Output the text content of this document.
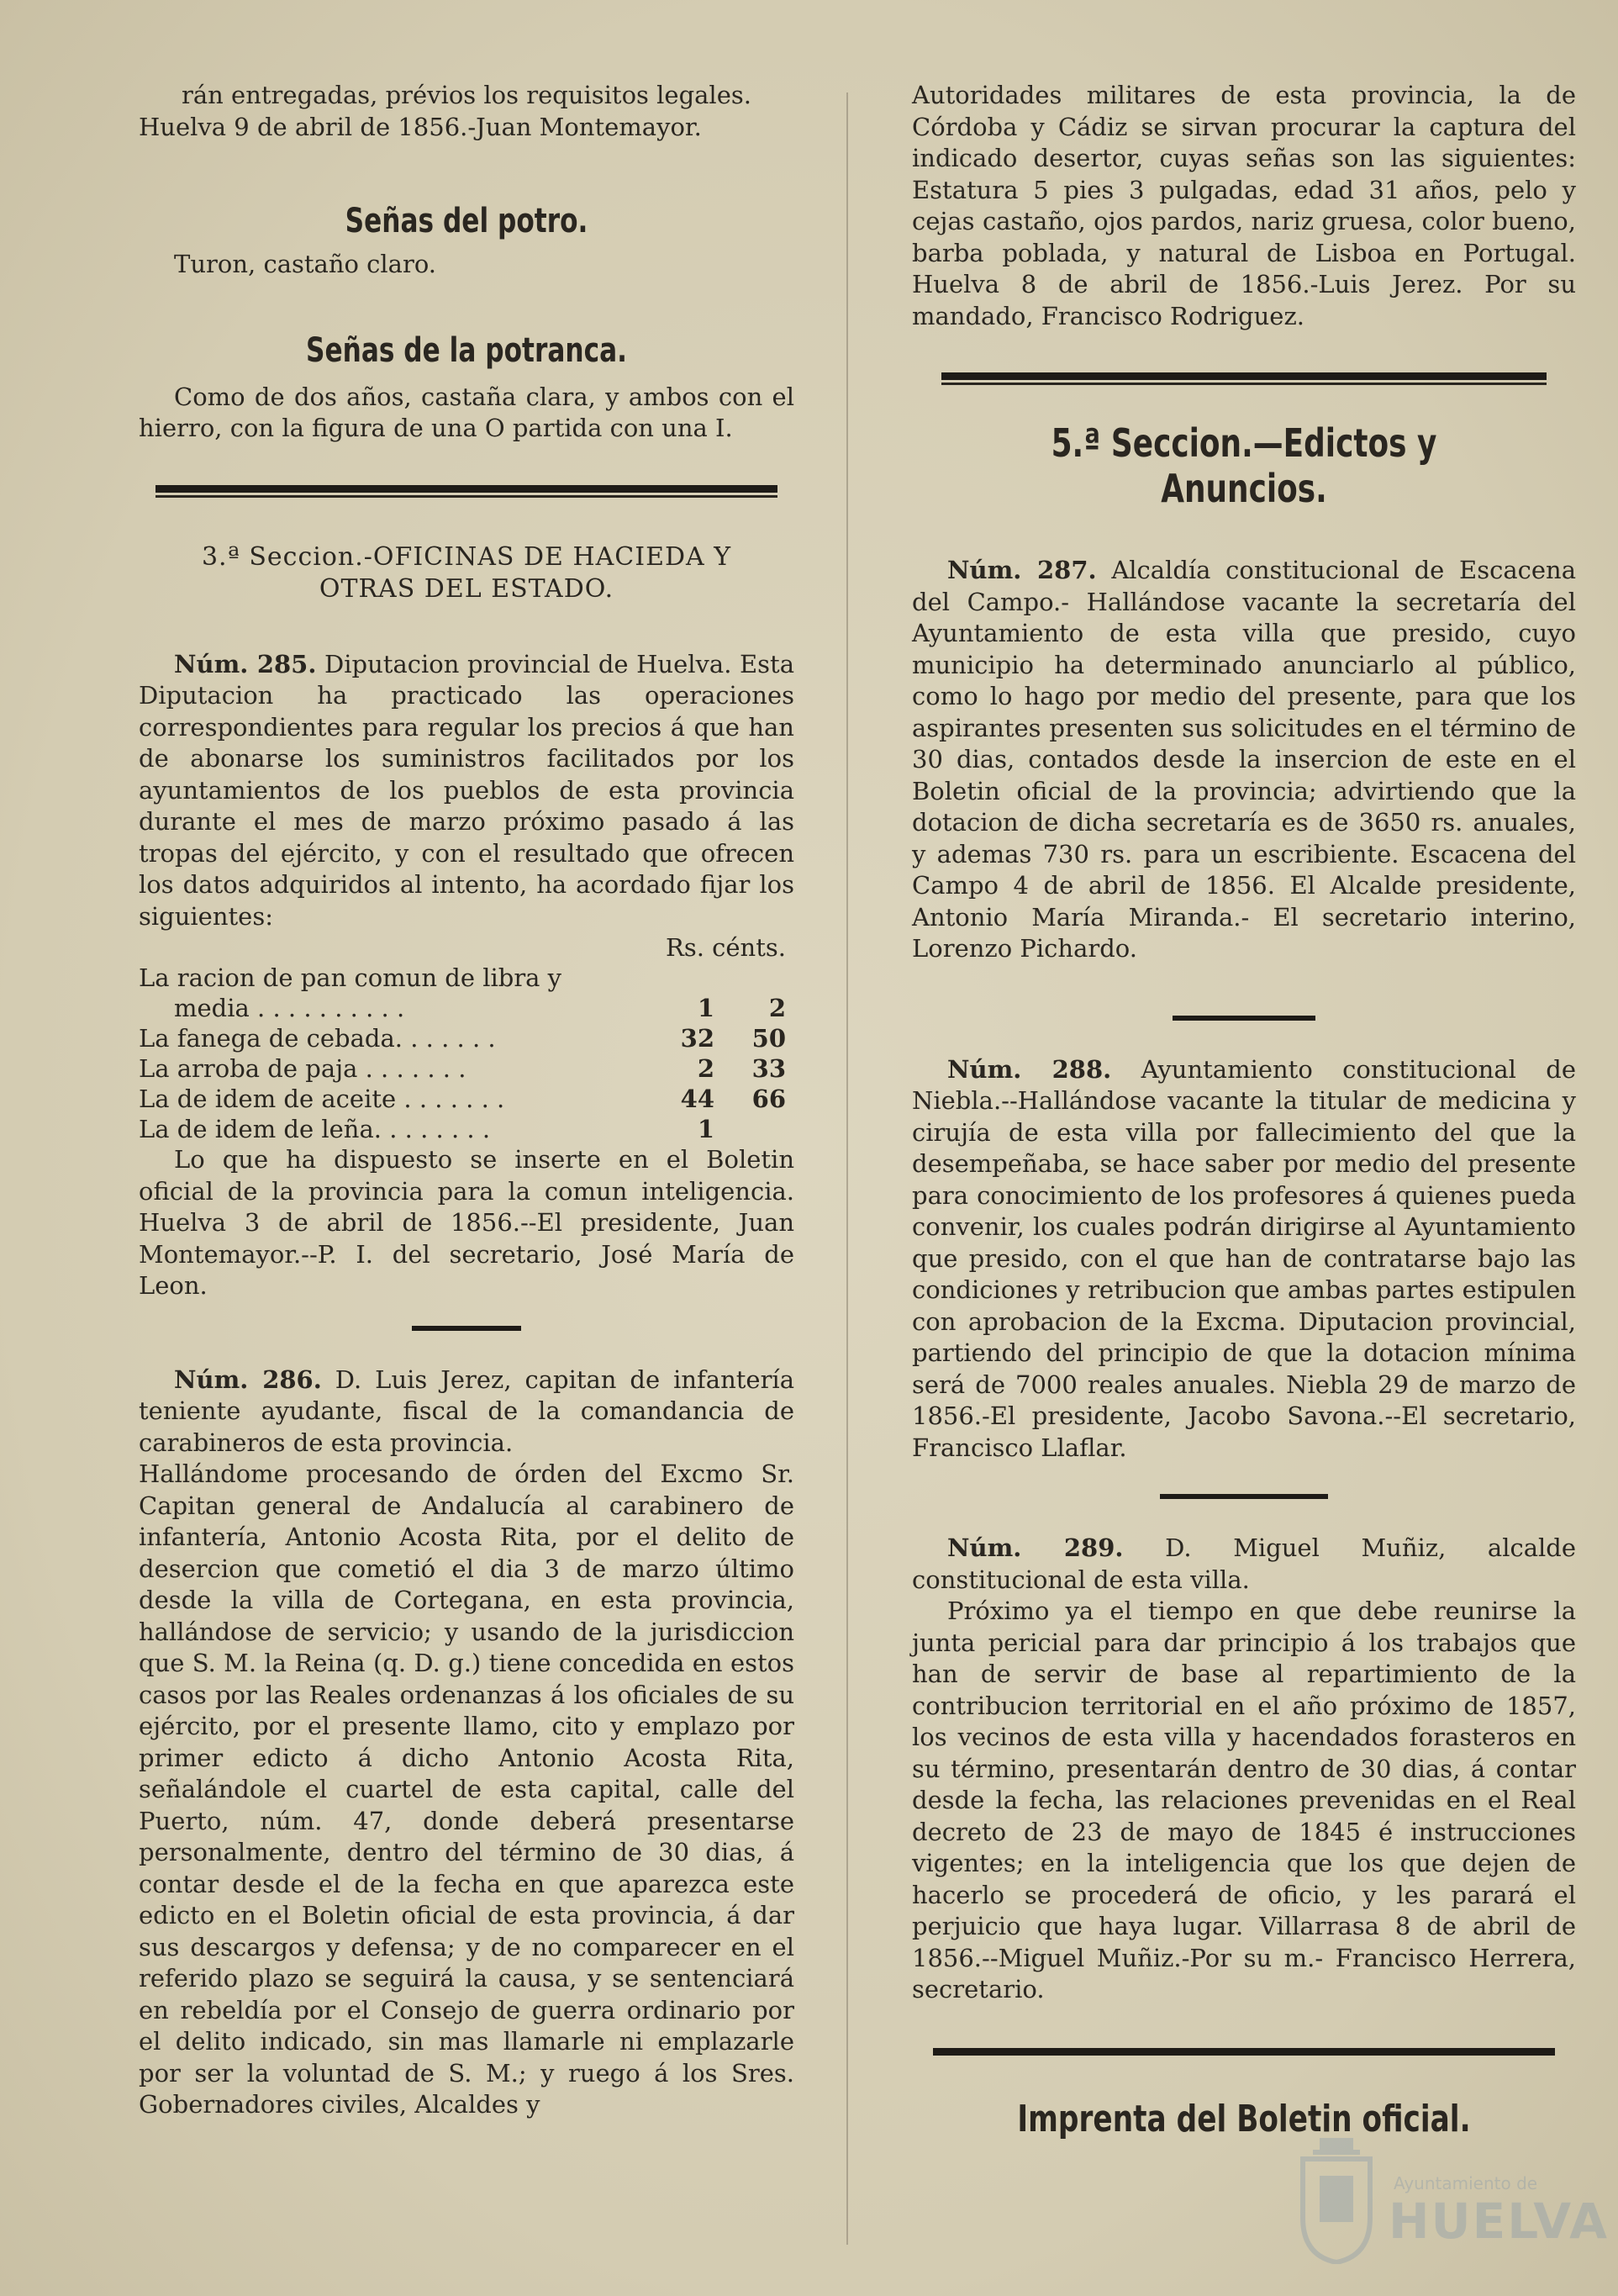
rán entregadas, prévios los requisitos legales.

Huelva 9 de abril de 1856.-Juan Montemayor.

Señas del potro.

Turon, castaño claro.

Señas de la potranca.

Como de dos años, castaña clara, y ambos con el hierro, con la figura de una O partida con una I.

3.ª Seccion.-OFICINAS DE HACIEDA Y

OTRAS DEL ESTADO.

Núm. 285. Diputacion provincial de Huelva. Esta Diputacion ha practicado las operaciones correspondientes para regular los precios á que han de abonarse los suministros facilitados por los ayuntamientos de los pueblos de esta provincia durante el mes de marzo próximo pasado á las tropas del ejército, y con el resultado que ofrecen los datos adquiridos al intento, ha acordado fijar los siguientes:

Rs. cénts.
La racion de pan comun de libra y		
media . . . . . . . . . .	1	2
La fanega de cebada. . . . . . .	32	50
La arroba de paja . . . . . . .	2	33
La de idem de aceite . . . . . . .	44	66
La de idem de leña. . . . . . . .	1	

Lo que ha dispuesto se inserte en el Boletin oficial de la provincia para la comun inteligencia. Huelva 3 de abril de 1856.--El presidente, Juan Montemayor.--P. I. del secretario, José María de Leon.

Núm. 286. D. Luis Jerez, capitan de infantería teniente ayudante, fiscal de la comandancia de carabineros de esta provincia.

Hallándome procesando de órden del Excmo Sr. Capitan general de Andalucía al carabinero de infantería, Antonio Acosta Rita, por el delito de desercion que cometió el dia 3 de marzo último desde la villa de Cortegana, en esta provincia, hallándose de servicio; y usando de la jurisdiccion que S. M. la Reina (q. D. g.) tiene concedida en estos casos por las Reales ordenanzas á los oficiales de su ejército, por el presente llamo, cito y emplazo por primer edicto á dicho Antonio Acosta Rita, señalándole el cuartel de esta capital, calle del Puerto, núm. 47, donde deberá presentarse personalmente, dentro del término de 30 dias, á contar desde el de la fecha en que aparezca este edicto en el Boletin oficial de esta provincia, á dar sus descargos y defensa; y de no comparecer en el referido plazo se seguirá la causa, y se sentenciará en rebeldía por el Consejo de guerra ordinario por el delito indicado, sin mas llamarle ni emplazarle por ser la voluntad de S. M.; y ruego á los Sres. Gobernadores civiles, Alcaldes y

Autoridades militares de esta provincia, la de Córdoba y Cádiz se sirvan procurar la captura del indicado desertor, cuyas señas son las siguientes: Estatura 5 pies 3 pulgadas, edad 31 años, pelo y cejas castaño, ojos pardos, nariz gruesa, color bueno, barba poblada, y natural de Lisboa en Portugal. Huelva 8 de abril de 1856.-Luis Jerez. Por su mandado, Francisco Rodriguez.

5.ª Seccion.—Edictos y Anuncios.

Núm. 287. Alcaldía constitucional de Escacena del Campo.- Hallándose vacante la secretaría del Ayuntamiento de esta villa que presido, cuyo municipio ha determinado anunciarlo al público, como lo hago por medio del presente, para que los aspirantes presenten sus solicitudes en el término de 30 dias, contados desde la insercion de este en el Boletin oficial de la provincia; advirtiendo que la dotacion de dicha secretaría es de 3650 rs. anuales, y ademas 730 rs. para un escribiente. Escacena del Campo 4 de abril de 1856. El Alcalde presidente, Antonio María Miranda.- El secretario interino, Lorenzo Pichardo.

Núm. 288. Ayuntamiento constitucional de Niebla.--Hallándose vacante la titular de medicina y cirujía de esta villa por fallecimiento del que la desempeñaba, se hace saber por medio del presente para conocimiento de los profesores á quienes pueda convenir, los cuales podrán dirigirse al Ayuntamiento que presido, con el que han de contratarse bajo las condiciones y retribucion que ambas partes estipulen con aprobacion de la Excma. Diputacion provincial, partiendo del principio de que la dotacion mínima será de 7000 reales anuales. Niebla 29 de marzo de 1856.-El presidente, Jacobo Savona.--El secretario, Francisco Llaflar.

Núm. 289. D. Miguel Muñiz, alcalde constitucional de esta villa.

Próximo ya el tiempo en que debe reunirse la junta pericial para dar principio á los trabajos que han de servir de base al repartimiento de la contribucion territorial en el año próximo de 1857, los vecinos de esta villa y hacendados forasteros en su término, presentarán dentro de 30 dias, á contar desde la fecha, las relaciones prevenidas en el Real decreto de 23 de mayo de 1845 é instrucciones vigentes; en la inteligencia que los que dejen de hacerlo se procederá de oficio, y les parará el perjuicio que haya lugar. Villarrasa 8 de abril de 1856.--Miguel Muñiz.-Por su m.- Francisco Herrera, secretario.

Imprenta del Boletin oficial.
Ayuntamiento de
HUELVA
